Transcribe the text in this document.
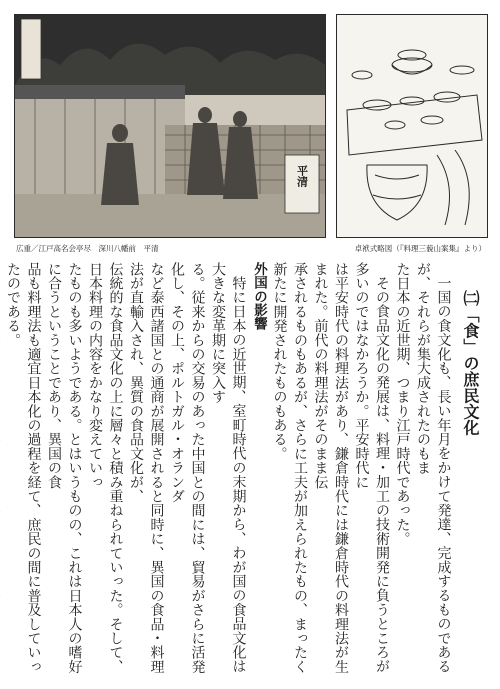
平清
広重／江戸高名会亭尽　深川八幡前　平清	卓袱式略図（『料理三藐山案集』より）
㈡「食」の庶民文化

一国の食文化も、長い年月をかけて発達、完成するものであるが、それらが集大成されたのもま

た日本の近世期、つまり江戸時代であった。

その食品文化の発展は、料理・加工の技術開発に負うところが多いのではなかろうか。平安時代に

は平安時代の料理法があり、鎌倉時代には鎌倉時代の料理法が生まれた。前代の料理法がそのまま伝

承されるものもあるが、さらに工夫が加えられたもの、まったく新たに開発されたものもある。

外国の影響

特に日本の近世期、室町時代の末期から、わが国の食品文化は大きな変革期に突入す

る。従来からの交易のあった中国との間には、貿易がさらに活発化し、その上、ポルトガル・オランダ

など泰西諸国との通商が展開されると同時に、異国の食品・料理法が直輸入され、異質の食品文化が、

伝統的な食品文化の上に層々と積み重ねられていった。そして、日本料理の内容をかなり変えていっ

たものも多いようである。とはいうものの、これは日本人の嗜好に合うということであり、異国の食

品も料理法も適宜日本化の過程を経て、庶民の間に普及していったのである。
